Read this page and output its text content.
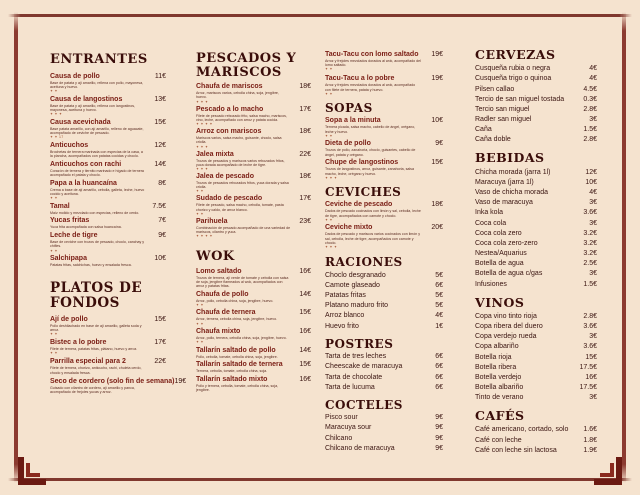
ENTRANTES
Causa de pollo	11€
Base de patata y ají amarillo, rellena con pollo, mayonesa, aceituna y huevo.
✦ ✦
Causa de langostinos	13€
Base de patata y ají amarillo, rellena con langostinos, mayonesa, aceituna y huevo.
✦ ✦ ✦
Causa acevichada	15€
Base patata amarillo, con ají amarillo, relleno de aguacate, acompañado de ceviche de pescado.
✦ ✦ 17
Anticuchos	12€
Brochetas de ternera marinada con especias de la casa, a la plancha, acompañados con patatas cocidas y choclo.
Anticuchos con rachi	14€
Corazón de ternera y tiernito marinado e hígado de ternera acompañado el patata y choclo.
Papa a la huancaína	8€
Crema a base de ají amarillo, cebolla, galleta, leche, huevo cocido y aceituna.
✦ ✦
Tamal	7.5€
Maíz molido y mezclado con especias, relleno de cerdo.
Yucas fritas	7€
Yuca frita acompañada con salsa huancaína.
Leche de tigre	9€
Base de ceviche con trozos de pescado, choclo, canchay y chifles.
✦ ✦
Salchipapa	10€
Patatas fritas, salchichas, huevo y ensalada fresca.
PLATOS DE FONDOS
Ají de pollo	15€
Pollo deshilachado en base de ají amarillo, galleta soda y arroz.
✦ ✦
Bistec a lo pobre	17€
Filete de ternera, patatas fritas, plátano, huevo y arroz.
✦ ✦
Parrilla especial para 2	22€
Filete de ternera, chorizo, anticucho, rachi, chuleta cerdo, choclo y ensalada fresca.
Seco de cordero (solo fin de semana) 19€
Guisado con cilantro de cordero, ají amarillo y panca, acompañado de frejoles yucas y arroz.
PESCADOS Y MARISCOS
Chaufa de mariscos	18€
Arroz, mariscos varios, cebolla china, soja, jengibre, huevo.
✦ ✦ ✦
Pescado a lo macho	17€
Filete de pescado rebozado frito, salsa macho, mariscos, vino, leche, acompañado con arroz y patata cocida.
✦ ✦ ✦ ✦
Arroz con mariscos	18€
Mariscos varios, salsa macho, guisante, choclo, salsa criolla.
✦ ✦ ✦
Jalea mixta	22€
Trozos de pescados y mariscos varios rebozados fritos, yuca dorada acompañado de leche de tigre.
✦ ✦ ✦
Jalea de pescado	18€
Trozos de pescados rebozados fritos, yuca dorada y salsa criolla.
✦ ✦
Sudado de pescado	17€
Filete de pescado, salsa macho, cebolla, tomate, pasta chorizo y caldo, de arroz blanco.
✦ ✦
Parihuela	23€
Combinación de pescado acompañado de una variedad de mariscos, cilantro y yuca.
✦ ✦ ✦ ✦
WOK
Lomo saltado	16€
Trozos de ternera, ají verde de tomate y cebolla con salsa de soja, jengibre flameados al wok, acompañados con arroz y patatas fritas.
Chaufa de pollo	14€
Arroz, pollo, cebolla china, soja, jengibre, huevo.
✦ ✦
Chaufa de ternera	15€
Arroz, ternera, cebolla china, soja, jengibre, huevo.
✦ ✦
Chaufa mixto	16€
Arroz, pollo, ternera, cebolla china, soja, jengibre, huevo.
✦ ✦
Tallarín saltado de pollo	14€
Pollo, cebolla, tomate, cebolla china, soja, jengibre.
Tallarín saltado de ternera 15€
Ternera, cebolla, tomate, cebolla china, soja.
Tallarín saltado mixto	16€
Pollo y ternera, cebolla, tomate, cebolla china, soja, jengibre.
Tacu-Tacu con lomo saltado 19€
Arroz y frejoles mezclados dorados al wok, acompañado del lomo saltado.
✦ ✦
Tacu-Tacu a lo pobre	19€
Arroz y frejoles mezclados dorados al wok, acompañado con filete de ternera, patata y huevo.
✦ ✦
SOPAS
Sopa a la minuta	10€
Ternera picada, salsa macho, cabello de ángel, orégano, leche y huevo.
✦ ✦
Dieta de pollo	9€
Trozos de pollo, zanahoria, choclo, guisantes, cabello de ángel, patata y orégano.
Chupe de langostinos	15€
Trozos de langostinos, arroz, guisante, zanahoria, salsa macho, leche, orégano y huevo.
✦ ✦ ✦
CEVICHES
Ceviche de pescado	18€
Dados de pescado cocinados con limón y sal, cebolla, leche de tigre, acompañados con camote y choclo.
✦ ✦
Ceviche mixto	20€
Dados de pescado y mariscos varios cocinados con limón y sal, cebolla, leche de tigre, acompañados con camote y choclo.
✦ ✦ ✦
RACIONES
Choclo desgranado	5€
Camote glaseado	6€
Patatas fritas	5€
Platano maduro frito	5€
Arroz blanco	4€
Huevo frito	1€
POSTRES
Tarta de tres leches	6€
Cheescake de maracuya	6€
Tarta de chocolate	6€
Tarta de lucuma	6€
COCTELES
Pisco sour	9€
Maracuya sour	9€
Chilcano	9€
Chilcano de maracuya	9€
CERVEZAS
Cusqueña rubia o negra	4€
Cusqueña trigo o quinoa	4€
Pilsen callao	4.5€
Tercio de san miguel tostada	0.3€
Tercio san miguel	2.8€
Radler san miguel	3€
Caña	1.5€
Caña doble	2.8€
BEBIDAS
Chicha morada (jarra 1l)	12€
Maracuya (jarra 1l)	10€
Vaso de chicha morada	4€
Vaso de maracuya	3€
Inka kola	3.6€
Coca cola	3€
Coca cola zero	3.2€
Coca cola zero-zero	3.2€
Nestea/Aquarius	3.2€
Botella de agua	2.5€
Botella de agua c/gas	3€
Infusiones	1.5€
VINOS
Copa vino tinto rioja	2.8€
Copa ribera del duero	3.6€
Copa verdejo rueda	3€
Copa albariño	3.6€
Botella rioja	15€
Botella ribera	17.5€
Botella verdejo	16€
Botella albariño	17.5€
Tinto de verano	3€
CAFÉS
Café americano, cortado, solo 1.6€
Café con leche	1.8€
Café con leche sin lactosa	1.9€
